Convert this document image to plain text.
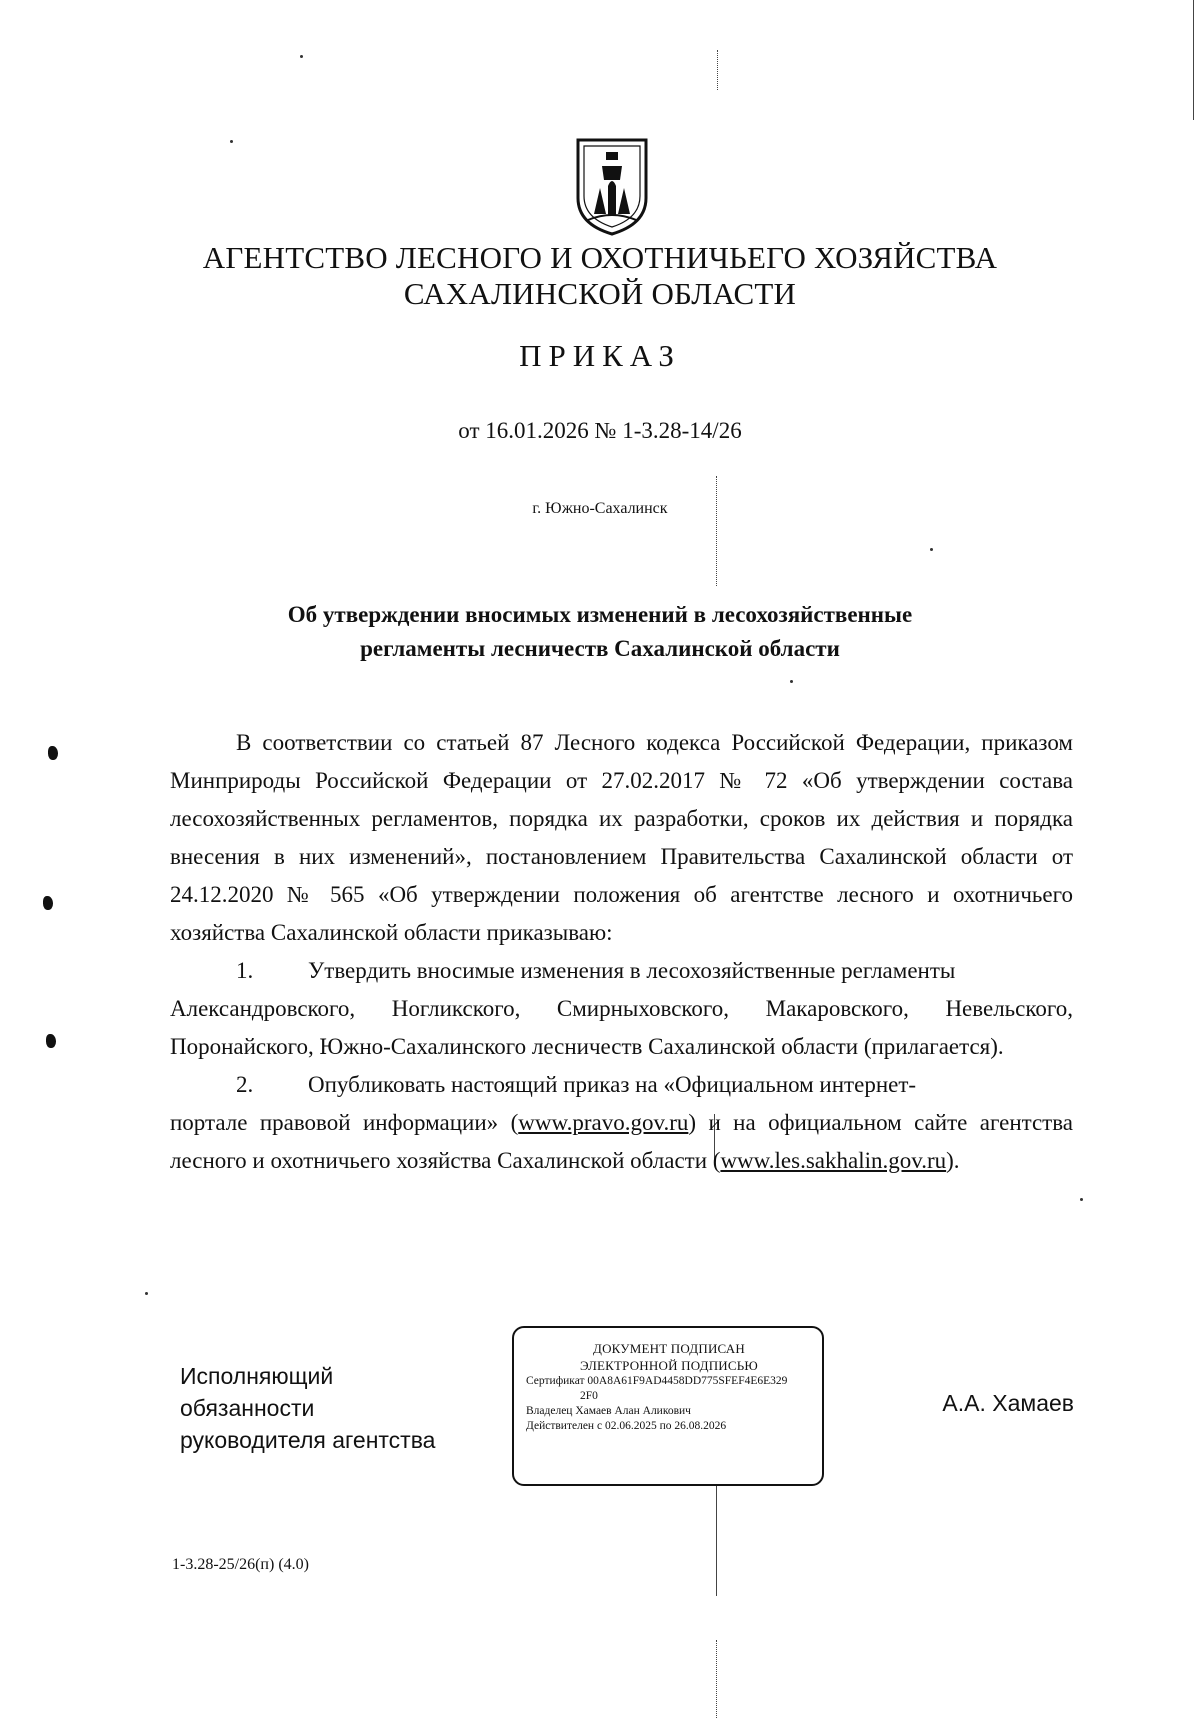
АГЕНТСТВО ЛЕСНОГО И ОХОТНИЧЬЕГО ХОЗЯЙСТВА
САХАЛИНСКОЙ ОБЛАСТИ
ПРИКАЗ
от 16.01.2026 № 1-3.28-14/26
г. Южно-Сахалинск
Об утверждении вносимых изменений в лесохозяйственные
регламенты лесничеств Сахалинской области

В соответствии со статьей 87 Лесного кодекса Российской Федерации, приказом Минприроды Российской Федерации от 27.02.2017 № 72 «Об утверждении состава лесохозяйственных регламентов, порядка их разработки, сроков их действия и порядка внесения в них изменений», постановлением Правительства Сахалинской области от 24.12.2020 № 565 «Об утверждении положения об агентстве лесного и охотничьего хозяйства Сахалинской области приказываю:

1.	Утвердить вносимые изменения в лесохозяйственные регламенты

Александровского, Ногликского, Смирныховского, Макаровского, Невельского, Поронайского, Южно-Сахалинского лесничеств Сахалинской области (прилагается).

2.	Опубликовать настоящий приказ на «Официальном интернет-

портале правовой информации» (www.pravo.gov.ru) и на официальном сайте агентства лесного и охотничьего хозяйства Сахалинской области (www.les.sakhalin.gov.ru).

Исполняющий
обязанности
руководителя агентства
ДОКУМЕНТ ПОДПИСАН
ЭЛЕКТРОННОЙ ПОДПИСЬЮ
Сертификат 00A8A61F9AD4458DD775SFEF4E6E329
2F0
Владелец Хамаев Алан Аликович
Действителен с 02.06.2025 по 26.08.2026
А.А. Хамаев
1-3.28-25/26(п) (4.0)
